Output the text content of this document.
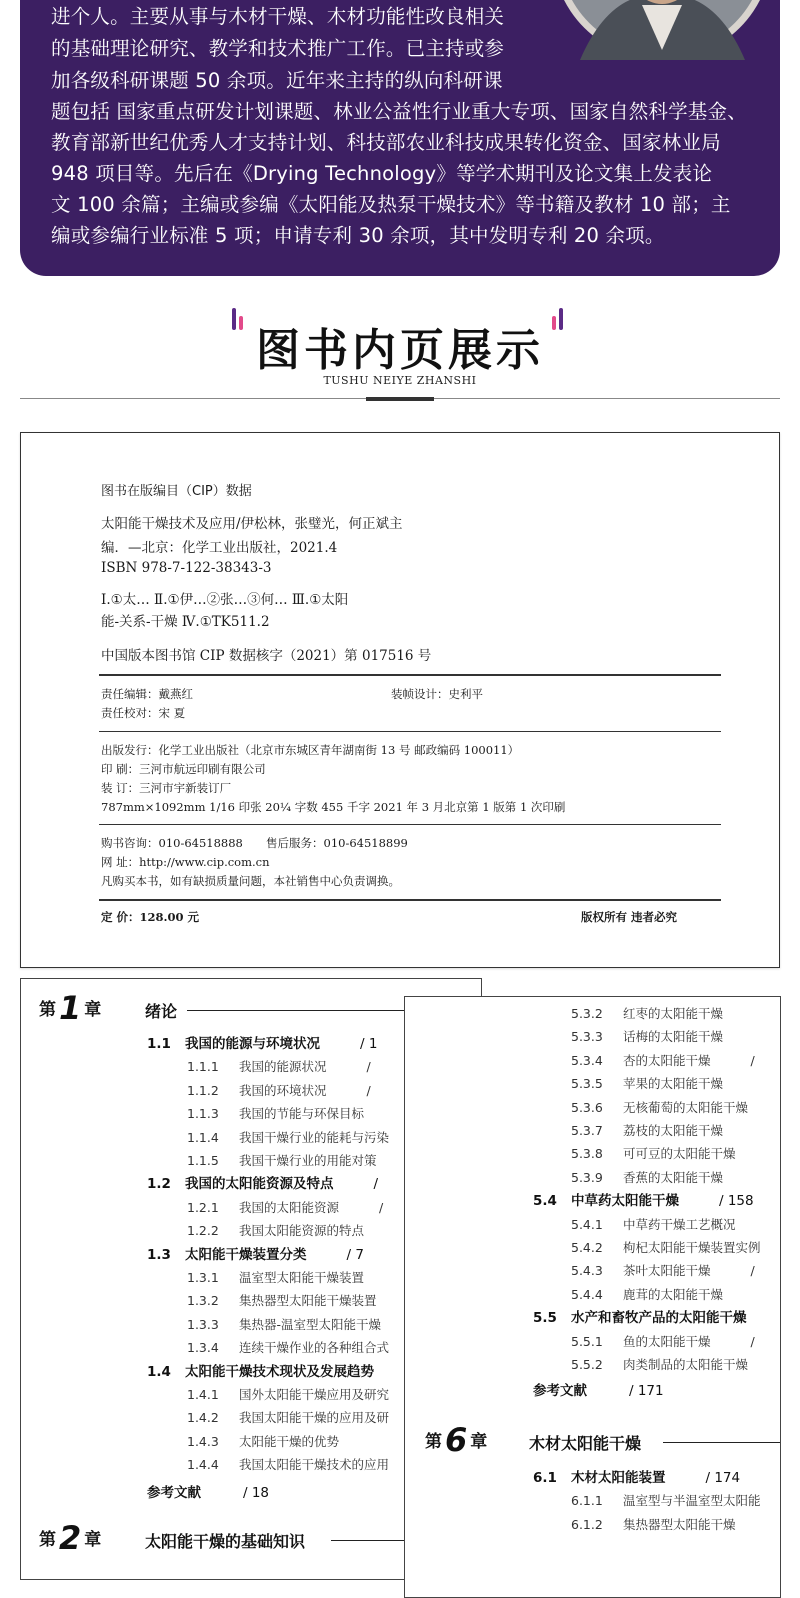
进个人。主要从事与木材干燥、木材功能性改良相关
的基础理论研究、教学和技术推广工作。已主持或参
加各级科研课题 50 余项。近年来主持的纵向科研课
题包括 国家重点研发计划课题、林业公益性行业重大专项、国家自然科学基金、
教育部新世纪优秀人才支持计划、科技部农业科技成果转化资金、国家林业局
948 项目等。先后在《Drying Technology》等学术期刊及论文集上发表论
文 100 余篇；主编或参编《太阳能及热泵干燥技术》等书籍及教材 10 部；主
编或参编行业标准 5 项；申请专利 30 余项，其中发明专利 20 余项。
图书内页展示
TUSHU NEIYE ZHANSHI
图书在版编目（CIP）数据
太阳能干燥技术及应用/伊松林，张璧光，何正斌主
编．—北京：化学工业出版社，2021.4
ISBN 978-7-122-38343-3
Ⅰ.①太… Ⅱ.①伊…②张…③何… Ⅲ.①太阳
能-关系-干燥 Ⅳ.①TK511.2
中国版本图书馆 CIP 数据核字（2021）第 017516 号
责任编辑：戴燕红	装帧设计：史利平
责任校对：宋 夏
出版发行：化学工业出版社（北京市东城区青年湖南街 13 号 邮政编码 100011）
印 刷：三河市航远印刷有限公司
装 订：三河市宇新装订厂
787mm×1092mm 1/16 印张 20¼ 字数 455 千字 2021 年 3 月北京第 1 版第 1 次印刷
购书咨询：010-64518888 售后服务：010-64518899
网 址：http://www.cip.com.cn
凡购买本书，如有缺损质量问题，本社销售中心负责调换。
定 价：128.00 元	版权所有 违者必究
第1 章	绪论
1.1 我国的能源与环境状况	/ 1
1.1.1 我国的能源状况	/
1.1.2 我国的环境状况	/
1.1.3 我国的节能与环保目标
1.1.4 我国干燥行业的能耗与污染
1.1.5 我国干燥行业的用能对策
1.2 我国的太阳能资源及特点	/
1.2.1 我国的太阳能资源	/
1.2.2 我国太阳能资源的特点
1.3 太阳能干燥装置分类	/ 7
1.3.1 温室型太阳能干燥装置
1.3.2 集热器型太阳能干燥装置
1.3.3 集热器-温室型太阳能干燥
1.3.4 连续干燥作业的各种组合式
1.4 太阳能干燥技术现状及发展趋势
1.4.1 国外太阳能干燥应用及研究
1.4.2 我国太阳能干燥的应用及研
1.4.3 太阳能干燥的优势
1.4.4 我国太阳能干燥技术的应用
参考文献	/ 18
第2 章	太阳能干燥的基础知识
5.3.2 红枣的太阳能干燥
5.3.3 话梅的太阳能干燥
5.3.4 杏的太阳能干燥	/
5.3.5 苹果的太阳能干燥
5.3.6 无核葡萄的太阳能干燥
5.3.7 荔枝的太阳能干燥
5.3.8 可可豆的太阳能干燥
5.3.9 香蕉的太阳能干燥
5.4 中草药太阳能干燥	/ 158
5.4.1 中草药干燥工艺概况
5.4.2 枸杞太阳能干燥装置实例
5.4.3 茶叶太阳能干燥	/
5.4.4 鹿茸的太阳能干燥
5.5 水产和畜牧产品的太阳能干燥
5.5.1 鱼的太阳能干燥	/
5.5.2 肉类制品的太阳能干燥
参考文献	/ 171
第6 章	木材太阳能干燥
6.1 木材太阳能装置	/ 174
6.1.1 温室型与半温室型太阳能
6.1.2 集热器型太阳能干燥
